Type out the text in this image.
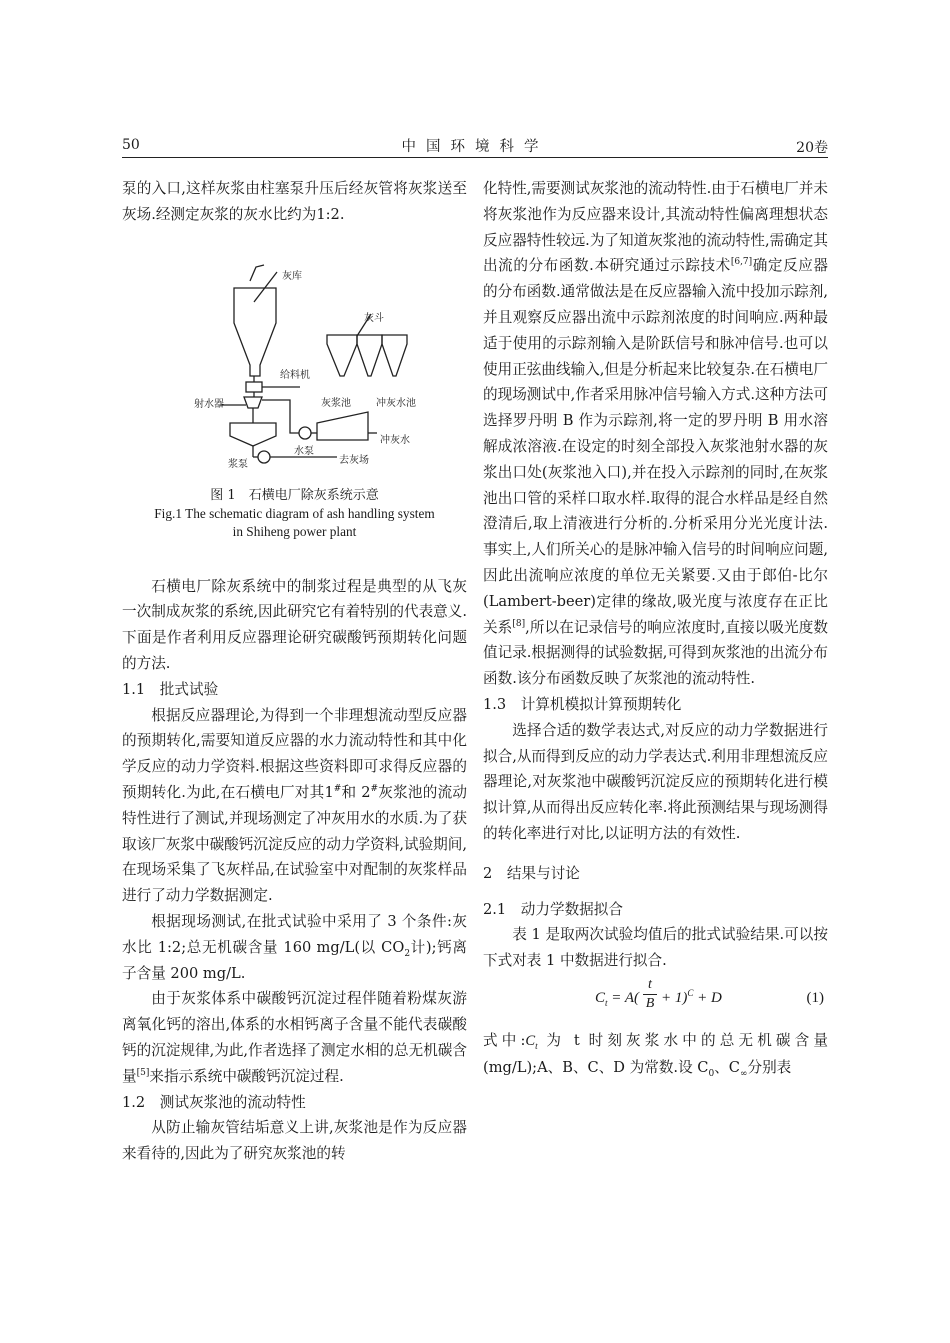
50	中国环境科学	20卷

泵的入口,这样灰浆由柱塞泵升压后经灰管将灰浆送至灰场.经测定灰浆的灰水比约为1:2.

灰库
灰斗
给料机
射水器	灰浆池	冲灰水池
冲灰水
水泵
浆泵	去灰场
图 1　石横电厂除灰系统示意
Fig.1 The schematic diagram of ash handling system
in Shiheng power plant

石横电厂除灰系统中的制浆过程是典型的从飞灰一次制成灰浆的系统,因此研究它有着特别的代表意义.下面是作者利用反应器理论研究碳酸钙预期转化问题的方法.

1.1　批式试验

根据反应器理论,为得到一个非理想流动型反应器的预期转化,需要知道反应器的水力流动特性和其中化学反应的动力学资料.根据这些资料即可求得反应器的预期转化.为此,在石横电厂对其1#和 2#灰浆池的流动特性进行了测试,并现场测定了冲灰用水的水质.为了获取该厂灰浆中碳酸钙沉淀反应的动力学资料,试验期间,在现场采集了飞灰样品,在试验室中对配制的灰浆样品进行了动力学数据测定.

根据现场测试,在批式试验中采用了 3 个条件:灰水比 1:2;总无机碳含量 160 mg/L(以 $CO_2$计);钙离子含量 200 mg/L.

由于灰浆体系中碳酸钙沉淀过程伴随着粉煤灰游离氧化钙的溶出,体系的水相钙离子含量不能代表碳酸钙的沉淀规律,为此,作者选择了测定水相的总无机碳含量[5]来指示系统中碳酸钙沉淀过程.

1.2　测试灰浆池的流动特性

从防止输灰管结垢意义上讲,灰浆池是作为反应器来看待的,因此为了研究灰浆池的转

化特性,需要测试灰浆池的流动特性.由于石横电厂并未将灰浆池作为反应器来设计,其流动特性偏离理想状态反应器特性较远.为了知道灰浆池的流动特性,需确定其出流的分布函数.本研究通过示踪技术[6,7]确定反应器的分布函数.通常做法是在反应器输入流中投加示踪剂,并且观察反应器出流中示踪剂浓度的时间响应.两种最适于使用的示踪剂输入是阶跃信号和脉冲信号.也可以使用正弦曲线输入,但是分析起来比较复杂.在石横电厂的现场测试中,作者采用脉冲信号输入方式.这种方法可选择罗丹明 B 作为示踪剂,将一定的罗丹明 B 用水溶解成浓溶液.在设定的时刻全部投入灰浆池射水器的灰浆出口处(灰浆池入口),并在投入示踪剂的同时,在灰浆池出口管的采样口取水样.取得的混合水样品是经自然澄清后,取上清液进行分析的.分析采用分光光度计法.事实上,人们所关心的是脉冲输入信号的时间响应问题,因此出流响应浓度的单位无关紧要.又由于郎伯-比尔(Lambert-beer)定律的缘故,吸光度与浓度存在正比关系[8],所以在记录信号的响应浓度时,直接以吸光度数值记录.根据测得的试验数据,可得到灰浆池的出流分布函数.该分布函数反映了灰浆池的流动特性.

1.3　计算机模拟计算预期转化

选择合适的数学表达式,对反应的动力学数据进行拟合,从而得到反应的动力学表达式.利用非理想流反应器理论,对灰浆池中碳酸钙沉淀反应的预期转化进行模拟计算,从而得出反应转化率.将此预测结果与现场测得的转化率进行对比,以证明方法的有效性.

2　结果与讨论

2.1　动力学数据拟合

表 1 是取两次试验均值后的批式试验结果.可以按下式对表 1 中数据进行拟合.

$C_t = A( \frac{t}{B} + 1)^C + D$	(1)

式中$:C_t$ 为 t 时刻灰浆水中的总无机碳含量(mg/L);A、B、C、D 为常数.设 $C_0$、$C_\infty$分别表
